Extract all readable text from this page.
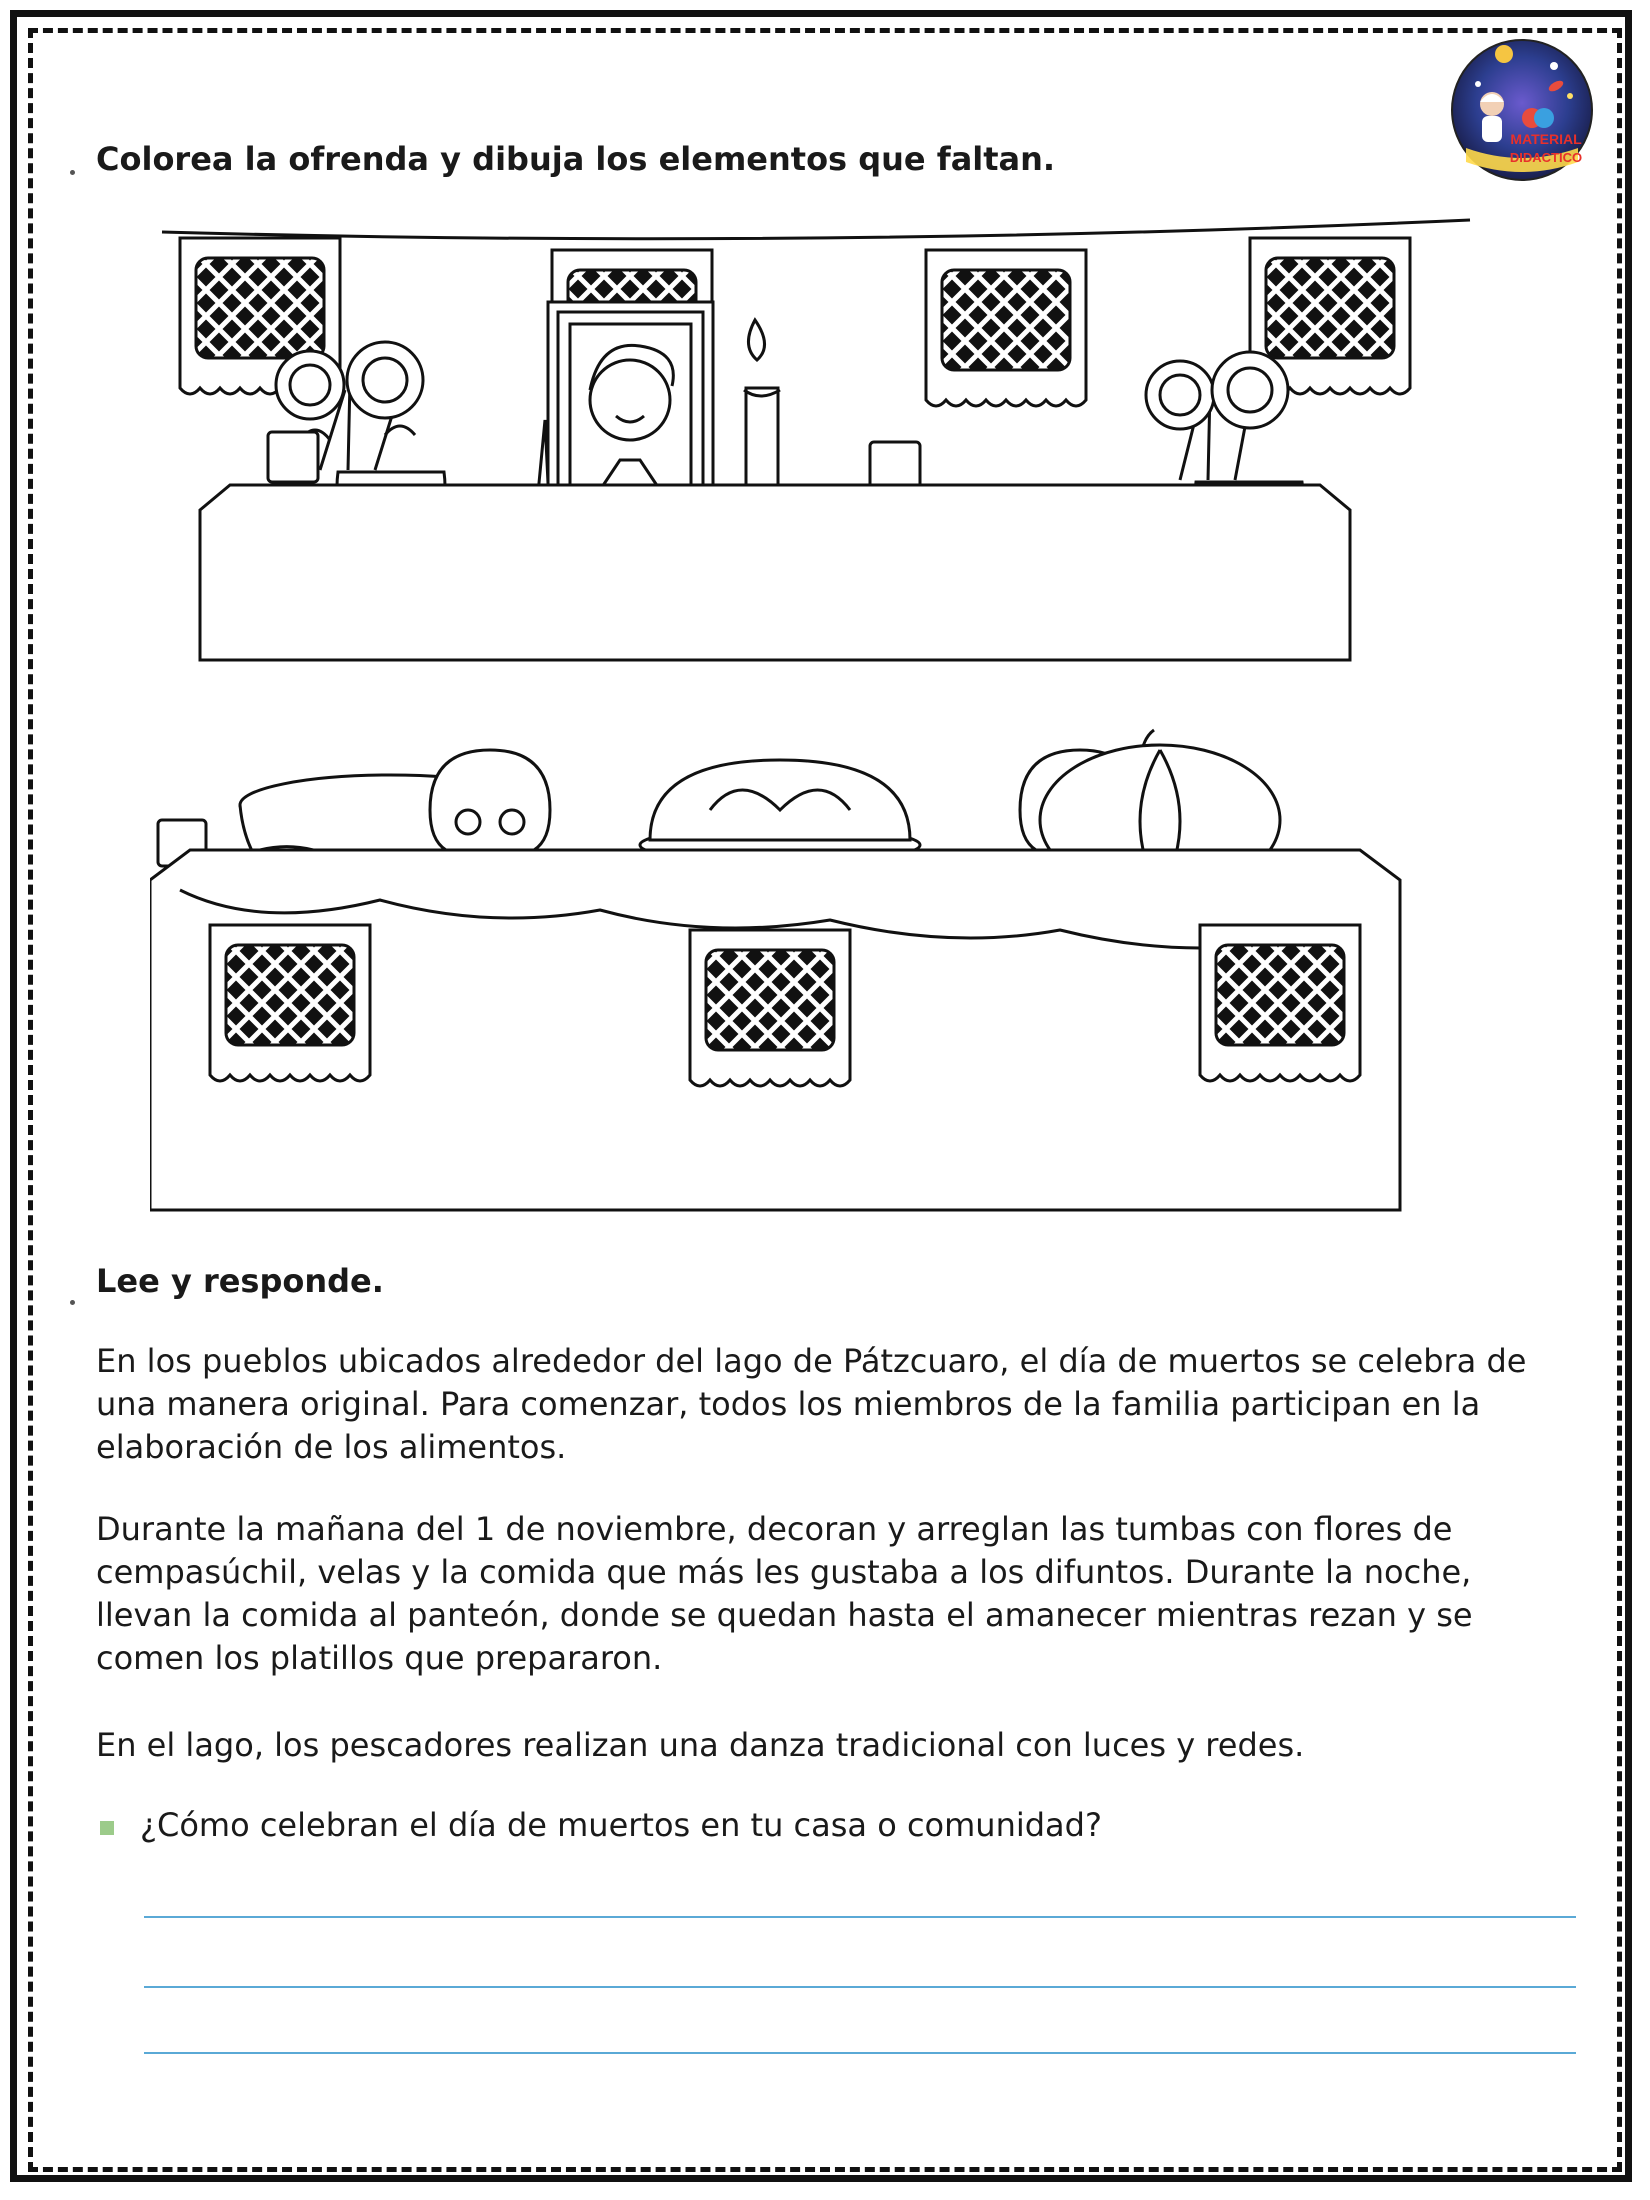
MATERIAL
DIDACTICO

Colorea la ofrenda y dibuja los elementos que faltan.

Lee y responde.

En los pueblos ubicados alrededor del lago de Pátzcuaro, el día de muertos se celebra de una manera original. Para comenzar, todos los miembros de la familia participan en la elaboración de los alimentos.

Durante la mañana del 1 de noviembre, decoran y arreglan las tumbas con flores de cempasúchil, velas y la comida que más les gustaba a los difuntos. Durante la noche, llevan la comida al panteón, donde se quedan hasta el amanecer mientras rezan y se comen los platillos que prepararon.

En el lago, los pescadores realizan una danza tradicional con luces y redes.

¿Cómo celebran el día de muertos en tu casa o comunidad?
